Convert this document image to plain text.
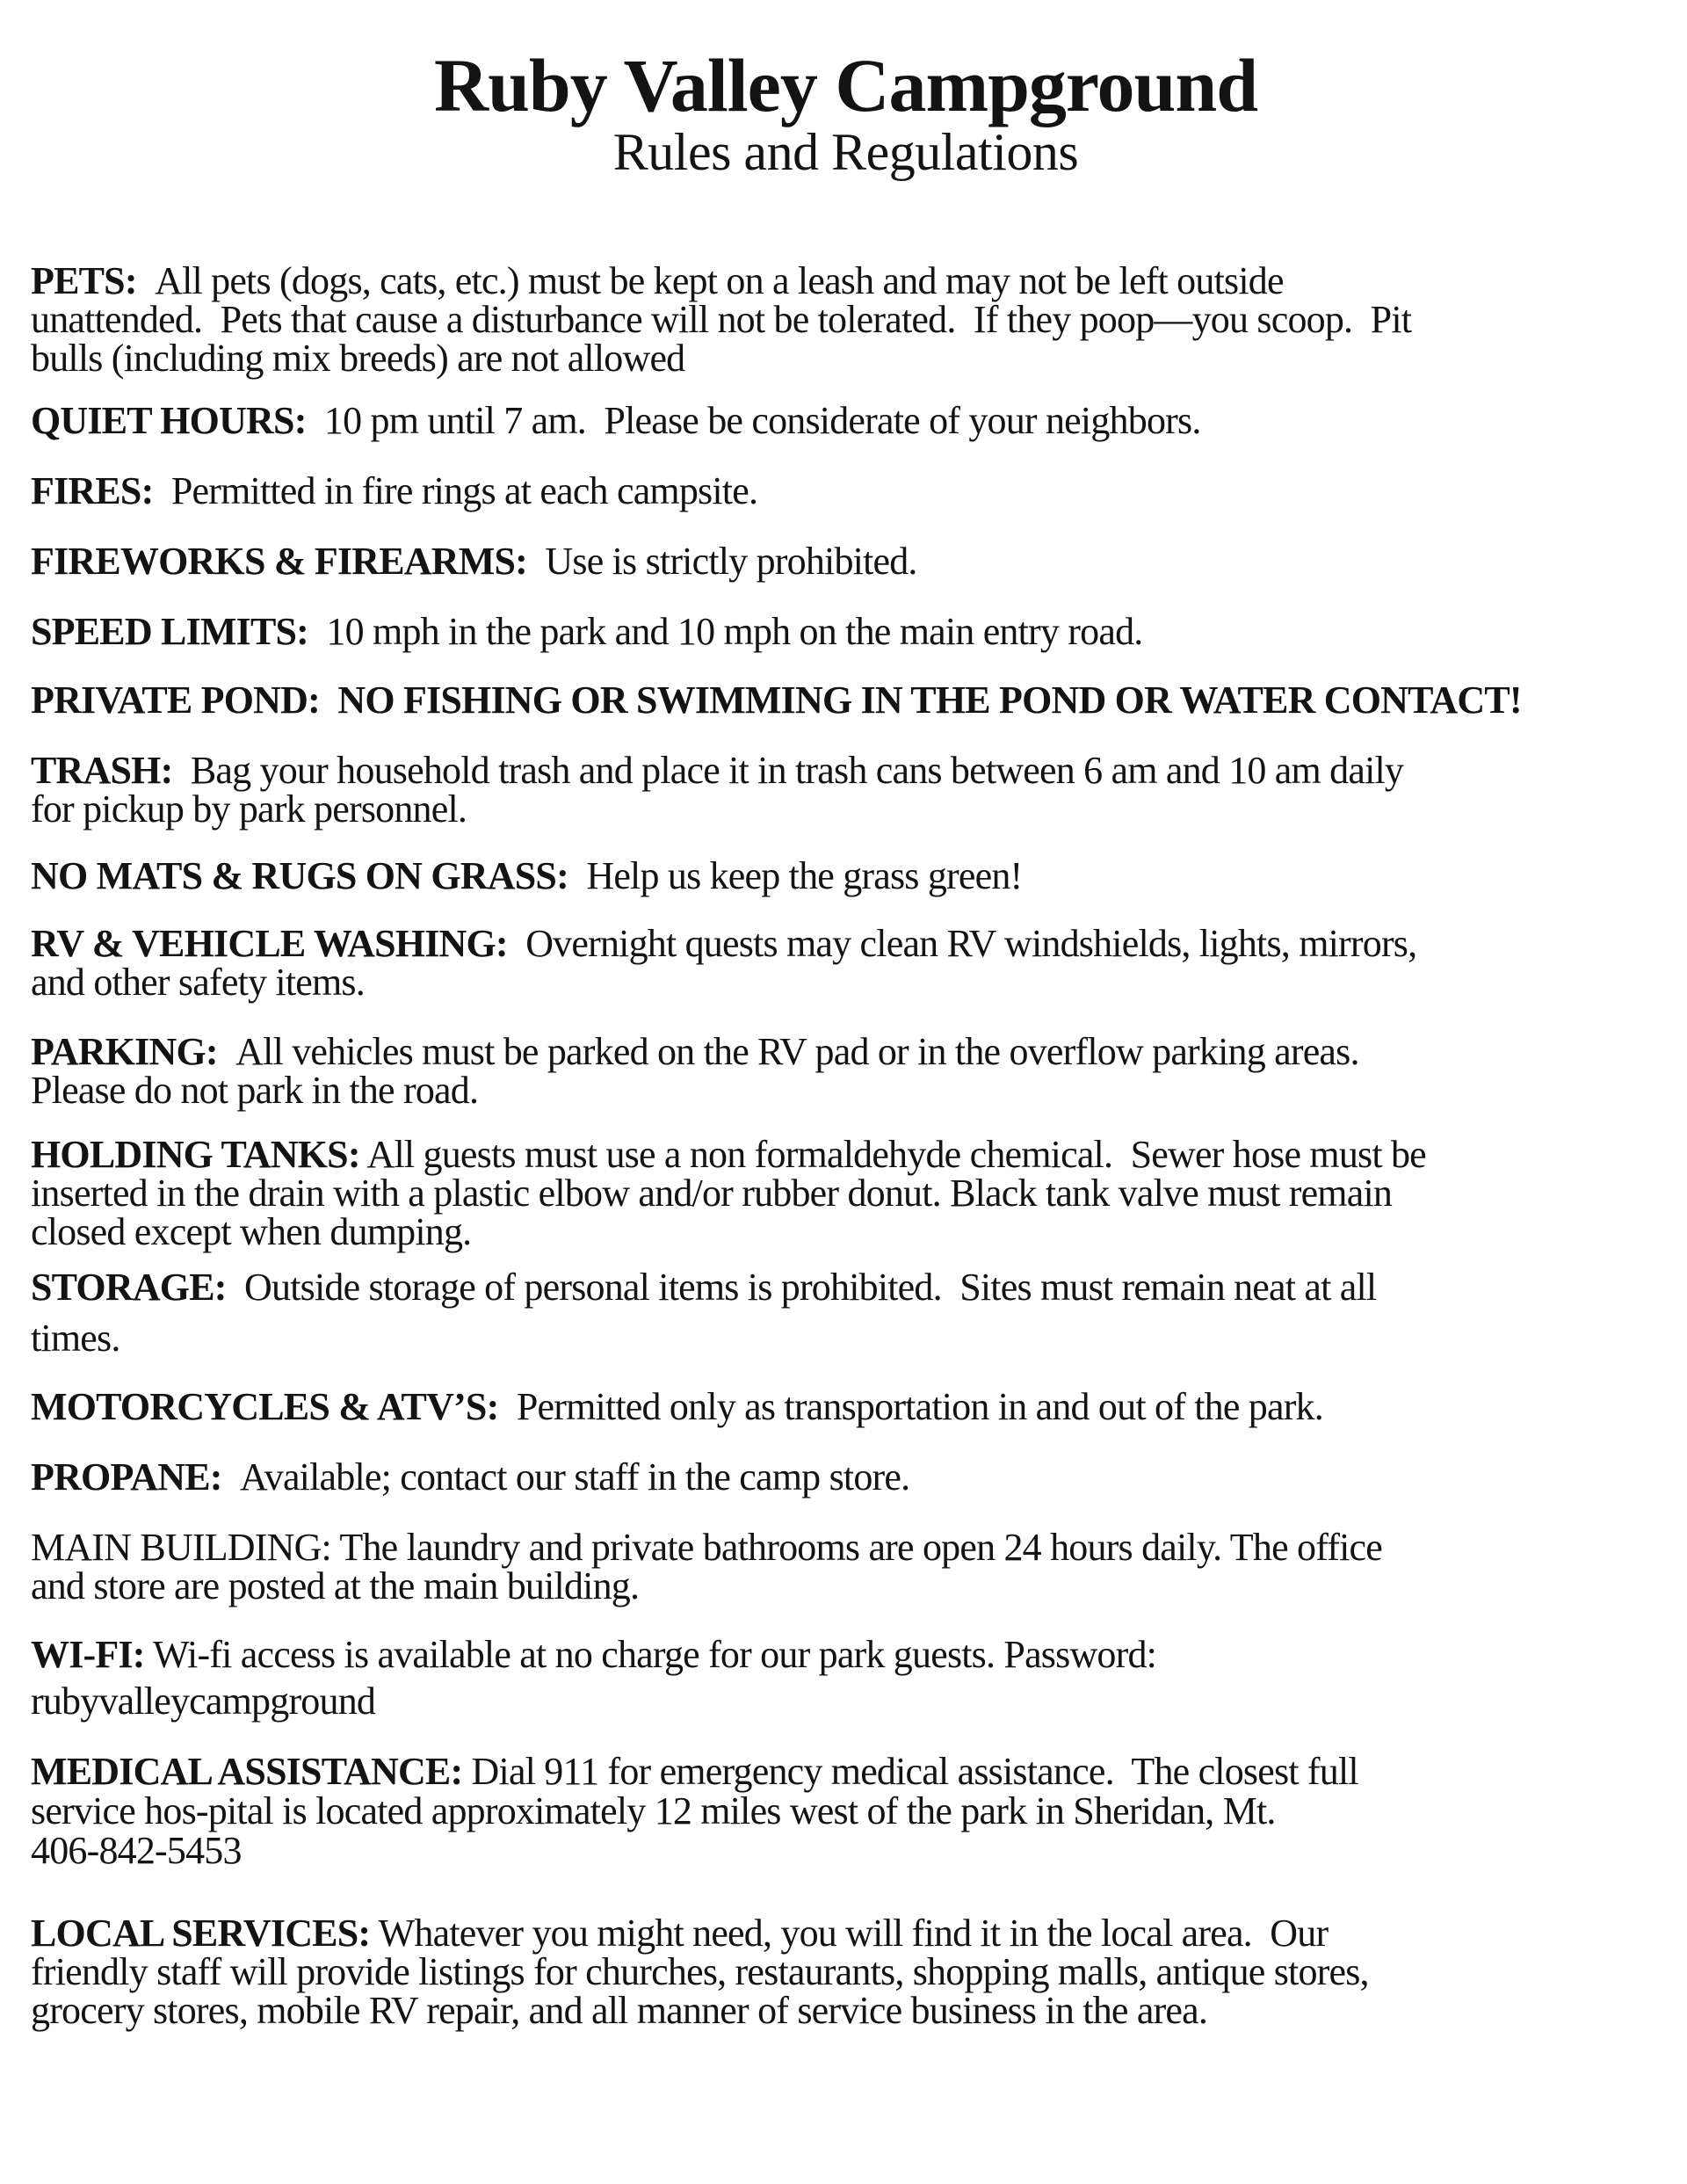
Ruby Valley Campground
Rules and Regulations

PETS:  All pets (dogs, cats, etc.) must be kept on a leash and may not be left outside
unattended.  Pets that cause a disturbance will not be tolerated.  If they poop—you scoop.  Pit
bulls (including mix breeds) are not allowed

QUIET HOURS:  10 pm until 7 am.  Please be considerate of your neighbors.

FIRES:  Permitted in fire rings at each campsite.

FIREWORKS & FIREARMS:  Use is strictly prohibited.

SPEED LIMITS:  10 mph in the park and 10 mph on the main entry road.

PRIVATE POND:  NO FISHING OR SWIMMING IN THE POND OR WATER CONTACT!

TRASH:  Bag your household trash and place it in trash cans between 6 am and 10 am daily
for pickup by park personnel.

NO MATS & RUGS ON GRASS:  Help us keep the grass green!

RV & VEHICLE WASHING:  Overnight quests may clean RV windshields, lights, mirrors,
and other safety items.

PARKING:  All vehicles must be parked on the RV pad or in the overflow parking areas.
Please do not park in the road.

HOLDING TANKS: All guests must use a non formaldehyde chemical.  Sewer hose must be
inserted in the drain with a plastic elbow and/or rubber donut. Black tank valve must remain
closed except when dumping.

STORAGE:  Outside storage of personal items is prohibited.  Sites must remain neat at all
times.

MOTORCYCLES & ATV’S:  Permitted only as transportation in and out of the park.

PROPANE:  Available; contact our staff in the camp store.

MAIN BUILDING: The laundry and private bathrooms are open 24 hours daily. The office
and store are posted at the main building.

WI-FI: Wi-fi access is available at no charge for our park guests. Password:
rubyvalleycampground

MEDICAL ASSISTANCE: Dial 911 for emergency medical assistance.  The closest full
service hos-pital is located approximately 12 miles west of the park in Sheridan, Mt.
406-842-5453

LOCAL SERVICES: Whatever you might need, you will find it in the local area.  Our
friendly staff will provide listings for churches, restaurants, shopping malls, antique stores,
grocery stores, mobile RV repair, and all manner of service business in the area.
